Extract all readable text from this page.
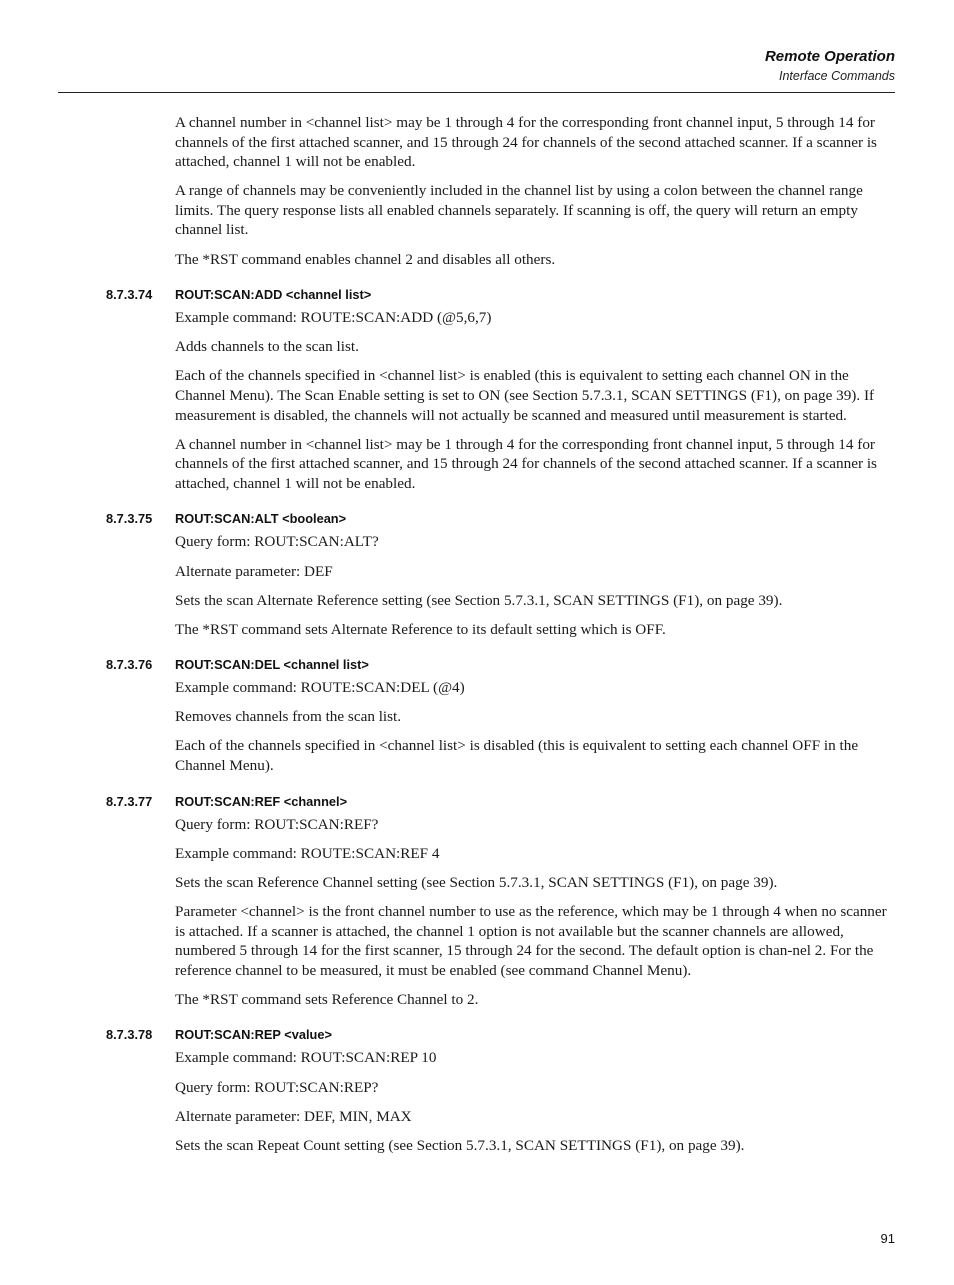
Remote Operation
Interface Commands

A channel number in <channel list> may be 1 through 4 for the corresponding front channel input, 5 through 14 for channels of the first attached scanner, and 15 through 24 for channels of the second attached scanner. If a scanner is attached, channel 1 will not be enabled.

A range of channels may be conveniently included in the channel list by using a colon between the channel range limits. The query response lists all enabled channels separately. If scanning is off, the query will return an empty channel list.

The *RST command enables channel 2 and disables all others.

8.7.3.74 ROUT:SCAN:ADD <channel list>

Example command: ROUTE:SCAN:ADD (@5,6,7)

Adds channels to the scan list.

Each of the channels specified in <channel list> is enabled (this is equivalent to setting each channel ON in the Channel Menu). The Scan Enable setting is set to ON (see Section 5.7.3.1, SCAN SETTINGS (F1), on page 39). If measurement is disabled, the channels will not actually be scanned and measured until measurement is started.

A channel number in <channel list> may be 1 through 4 for the corresponding front channel input, 5 through 14 for channels of the first attached scanner, and 15 through 24 for channels of the second attached scanner. If a scanner is attached, channel 1 will not be enabled.

8.7.3.75 ROUT:SCAN:ALT <boolean>

Query form: ROUT:SCAN:ALT?

Alternate parameter: DEF

Sets the scan Alternate Reference setting (see Section 5.7.3.1, SCAN SETTINGS (F1), on page 39).

The *RST command sets Alternate Reference to its default setting which is OFF.

8.7.3.76 ROUT:SCAN:DEL <channel list>

Example command: ROUTE:SCAN:DEL (@4)

Removes channels from the scan list.

Each of the channels specified in <channel list> is disabled (this is equivalent to setting each channel OFF in the Channel Menu).

8.7.3.77 ROUT:SCAN:REF <channel>

Query form: ROUT:SCAN:REF?

Example command: ROUTE:SCAN:REF 4

Sets the scan Reference Channel setting (see Section 5.7.3.1, SCAN SETTINGS (F1), on page 39).

Parameter <channel> is the front channel number to use as the reference, which may be 1 through 4 when no scanner is attached. If a scanner is attached, the channel 1 option is not available but the scanner channels are allowed, numbered 5 through 14 for the first scanner, 15 through 24 for the second. The default option is chan-nel 2. For the reference channel to be measured, it must be enabled (see command Channel Menu).

The *RST command sets Reference Channel to 2.

8.7.3.78 ROUT:SCAN:REP <value>

Example command: ROUT:SCAN:REP 10

Query form: ROUT:SCAN:REP?

Alternate parameter: DEF, MIN, MAX

Sets the scan Repeat Count setting (see Section 5.7.3.1, SCAN SETTINGS (F1), on page 39).

91
